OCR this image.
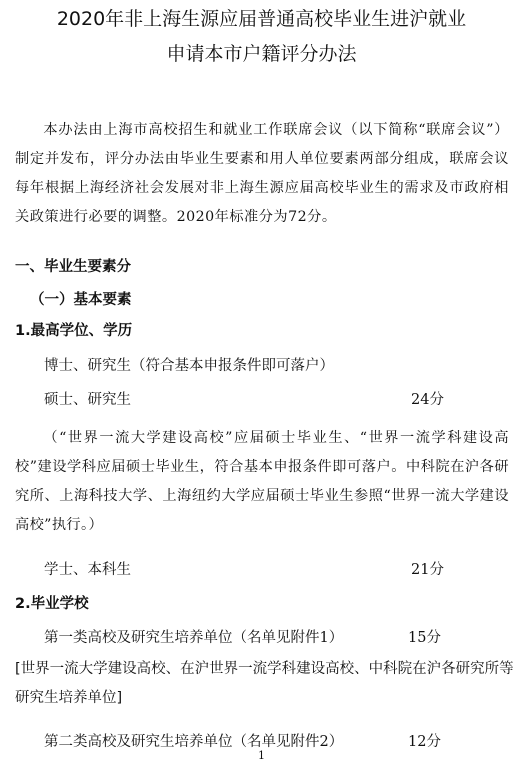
2020年非上海生源应届普通高校毕业生进沪就业
申请本市户籍评分办法
本办法由上海市高校招生和就业工作联席会议（以下简称“联席会议”）制定并发布，评分办法由毕业生要素和用人单位要素两部分组成，联席会议每年根据上海经济社会发展对非上海生源应届高校毕业生的需求及市政府相关政策进行必要的调整。2020年标准分为72分。
一、毕业生要素分
（一）基本要素
1.最高学位、学历
博士、研究生（符合基本申报条件即可落户）
硕士、研究生	24分
（“世界一流大学建设高校”应届硕士毕业生、“世界一流学科建设高校”建设学科应届硕士毕业生，符合基本申报条件即可落户。中科院在沪各研究所、上海科技大学、上海纽约大学应届硕士毕业生参照“世界一流大学建设高校”执行。）
学士、本科生	21分
2.毕业学校
第一类高校及研究生培养单位（名单见附件1）	15分
[世界一流大学建设高校、在沪世界一流学科建设高校、中科院在沪各研究所等研究生培养单位]
第二类高校及研究生培养单位（名单见附件2）	12分
1
